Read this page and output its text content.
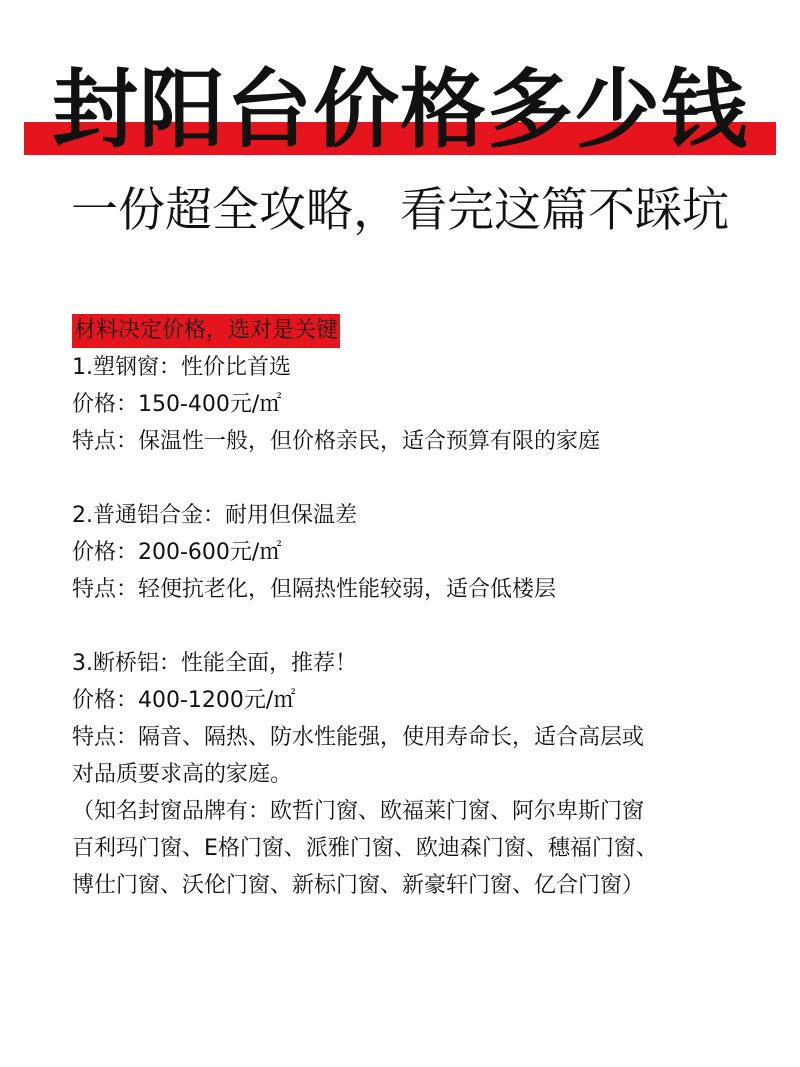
封阳台价格多少钱
一份超全攻略，看完这篇不踩坑
材料决定价格，选对是关键
1.塑钢窗：性价比首选
价格：150-400元/㎡
特点：保温性一般，但价格亲民，适合预算有限的家庭
2.普通铝合金：耐用但保温差
价格：200-600元/㎡
特点：轻便抗老化，但隔热性能较弱，适合低楼层
3.断桥铝：性能全面，推荐！
价格：400-1200元/㎡
特点：隔音、隔热、防水性能强，使用寿命长，适合高层或
对品质要求高的家庭。
（知名封窗品牌有：欧哲门窗、欧福莱门窗、阿尔卑斯门窗
百利玛门窗、E格门窗、派雅门窗、欧迪森门窗、穗福门窗、
博仕门窗、沃伦门窗、新标门窗、新豪轩门窗、亿合门窗）
